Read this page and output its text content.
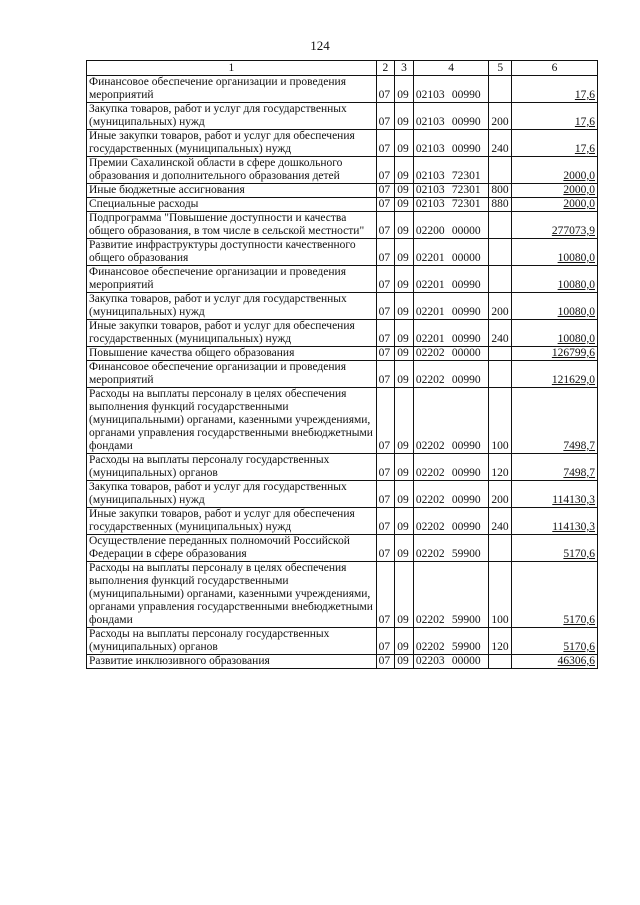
124
1	2	3	4	5	6
Финансовое обеспечение организации и проведения мероприятий	07	09	02103 00990		17,6
Закупка товаров, работ и услуг для государственных (муниципальных) нужд	07	09	02103 00990	200	17,6
Иные закупки товаров, работ и услуг для обеспечения государственных (муниципальных) нужд	07	09	02103 00990	240	17,6
Премии Сахалинской области в сфере дошкольного образования и дополнительного образования детей	07	09	02103 72301		2000,0
Иные бюджетные ассигнования	07	09	02103 72301	800	2000,0
Специальные расходы	07	09	02103 72301	880	2000,0
Подпрограмма "Повышение доступности и качества общего образования, в том числе в сельской местности"	07	09	02200 00000		277073,9
Развитие инфраструктуры доступности качественного общего образования	07	09	02201 00000		10080,0
Финансовое обеспечение организации и проведения мероприятий	07	09	02201 00990		10080,0
Закупка товаров, работ и услуг для государственных (муниципальных) нужд	07	09	02201 00990	200	10080,0
Иные закупки товаров, работ и услуг для обеспечения государственных (муниципальных) нужд	07	09	02201 00990	240	10080,0
Повышение качества общего образования	07	09	02202 00000		126799,6
Финансовое обеспечение организации и проведения мероприятий	07	09	02202 00990		121629,0
Расходы на выплаты персоналу в целях обеспечения выполнения функций государственными (муниципальными) органами, казенными учреждениями, органами управления государственными внебюджетными фондами	07	09	02202 00990	100	7498,7
Расходы на выплаты персоналу государственных (муниципальных) органов	07	09	02202 00990	120	7498,7
Закупка товаров, работ и услуг для государственных (муниципальных) нужд	07	09	02202 00990	200	114130,3
Иные закупки товаров, работ и услуг для обеспечения государственных (муниципальных) нужд	07	09	02202 00990	240	114130,3
Осуществление переданных полномочий Российской Федерации в сфере образования	07	09	02202 59900		5170,6
Расходы на выплаты персоналу в целях обеспечения выполнения функций государственными (муниципальными) органами, казенными учреждениями, органами управления государственными внебюджетными фондами	07	09	02202 59900	100	5170,6
Расходы на выплаты персоналу государственных (муниципальных) органов	07	09	02202 59900	120	5170,6
Развитие инклюзивного образования	07	09	02203 00000		46306,6
